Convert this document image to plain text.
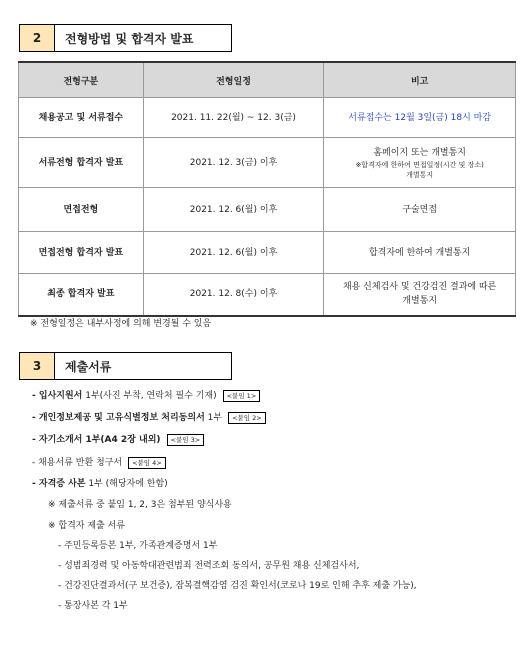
2	전형방법 및 합격자 발표
전형구분	전형일정	비고
채용공고 및 서류접수	2021. 11. 22(월) ~ 12. 3(금)	서류접수는 12월 3일(금) 18시 마감
서류전형 합격자 발표	2021. 12. 3(금) 이후	홈페이지 또는 개별통지
※합격자에 한하여 면접일정(시간 및 장소) 개별통지

면접전형	2021. 12. 6(월) 이후	구술면접
면접전형 합격자 발표	2021. 12. 6(월) 이후	합격자에 한하여 개별통지
최종 합격자 발표	2021. 12. 8(수) 이후	채용 신체검사 및 건강검진 결과에 따른 개별통지
※ 전형일정은 내부사정에 의해 변경될 수 있음
3	제출서류
- 입사지원서 1부(사진 부착, 연락처 필수 기재) <붙임 1>
- 개인정보제공 및 고유식별정보 처리동의서 1부 <붙임 2>
- 자기소개서 1부(A4 2장 내외) <붙임 3>
- 채용서류 반환 청구서 <붙임 4>
- 자격증 사본 1부 (해당자에 한함)
※ 제출서류 중 붙임 1, 2, 3은 첨부된 양식사용
※ 합격자 제출 서류
- 주민등록등본 1부, 가족관계증명서 1부
- 성범죄경력 및 아동학대관련범죄 전력조회 동의서, 공무원 채용 신체검사서,
- 건강진단결과서(구 보건증), 잠복결핵감염 검진 확인서(코로나 19로 인해 추후 제출 가능),
- 통장사본 각 1부
